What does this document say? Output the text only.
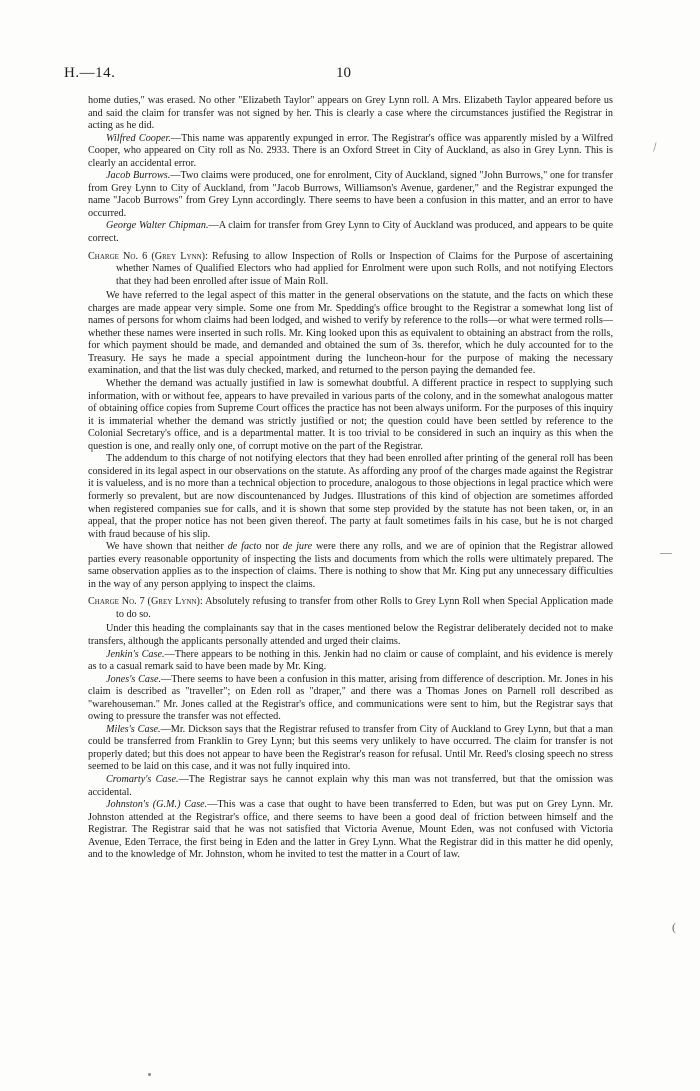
H.—14.	10

home duties," was erased. No other "Elizabeth Taylor" appears on Grey Lynn roll. A Mrs. Elizabeth Taylor appeared before us and said the claim for transfer was not signed by her. This is clearly a case where the circumstances justified the Registrar in acting as he did.

Wilfred Cooper.—This name was apparently expunged in error. The Registrar's office was apparently misled by a Wilfred Cooper, who appeared on City roll as No. 2933. There is an Oxford Street in City of Auckland, as also in Grey Lynn. This is clearly an accidental error.

Jacob Burrows.—Two claims were produced, one for enrolment, City of Auckland, signed "John Burrows," one for transfer from Grey Lynn to City of Auckland, from "Jacob Burrows, Williamson's Avenue, gardener," and the Registrar expunged the name "Jacob Burrows" from Grey Lynn accordingly. There seems to have been a confusion in this matter, and an error to have occurred.

George Walter Chipman.—A claim for transfer from Grey Lynn to City of Auckland was produced, and appears to be quite correct.

Charge No. 6 (Grey Lynn): Refusing to allow Inspection of Rolls or Inspection of Claims for the Purpose of ascertaining whether Names of Qualified Electors who had applied for Enrolment were upon such Rolls, and not notifying Electors that they had been enrolled after issue of Main Roll.

We have referred to the legal aspect of this matter in the general observations on the statute, and the facts on which these charges are made appear very simple. Some one from Mr. Spedding's office brought to the Registrar a somewhat long list of names of persons for whom claims had been lodged, and wished to verify by reference to the rolls—or what were termed rolls—whether these names were inserted in such rolls. Mr. King looked upon this as equivalent to obtaining an abstract from the rolls, for which payment should be made, and demanded and obtained the sum of 3s. therefor, which he duly accounted for to the Treasury. He says he made a special appointment during the luncheon-hour for the purpose of making the necessary examination, and that the list was duly checked, marked, and returned to the person paying the demanded fee.

Whether the demand was actually justified in law is somewhat doubtful. A different practice in respect to supplying such information, with or without fee, appears to have prevailed in various parts of the colony, and in the somewhat analogous matter of obtaining office copies from Supreme Court offices the practice has not been always uniform. For the purposes of this inquiry it is immaterial whether the demand was strictly justified or not; the question could have been settled by reference to the Colonial Secretary's office, and is a departmental matter. It is too trivial to be considered in such an inquiry as this when the question is one, and really only one, of corrupt motive on the part of the Registrar.

The addendum to this charge of not notifying electors that they had been enrolled after printing of the general roll has been considered in its legal aspect in our observations on the statute. As affording any proof of the charges made against the Registrar it is valueless, and is no more than a technical objection to procedure, analogous to those objections in legal practice which were formerly so prevalent, but are now discountenanced by Judges. Illustrations of this kind of objection are sometimes afforded when registered companies sue for calls, and it is shown that some step provided by the statute has not been taken, or, in an appeal, that the proper notice has not been given thereof. The party at fault sometimes fails in his case, but he is not charged with fraud because of his slip.

We have shown that neither de facto nor de jure were there any rolls, and we are of opinion that the Registrar allowed parties every reasonable opportunity of inspecting the lists and documents from which the rolls were ultimately prepared. The same observation applies as to the inspection of claims. There is nothing to show that Mr. King put any unnecessary difficulties in the way of any person applying to inspect the claims.

Charge No. 7 (Grey Lynn): Absolutely refusing to transfer from other Rolls to Grey Lynn Roll when Special Application made to do so.

Under this heading the complainants say that in the cases mentioned below the Registrar deliberately decided not to make transfers, although the applicants personally attended and urged their claims.

Jenkin's Case.—There appears to be nothing in this. Jenkin had no claim or cause of complaint, and his evidence is merely as to a casual remark said to have been made by Mr. King.

Jones's Case.—There seems to have been a confusion in this matter, arising from difference of description. Mr. Jones in his claim is described as "traveller"; on Eden roll as "draper," and there was a Thomas Jones on Parnell roll described as "warehouseman." Mr. Jones called at the Registrar's office, and communications were sent to him, but the Registrar says that owing to pressure the transfer was not effected.

Miles's Case.—Mr. Dickson says that the Registrar refused to transfer from City of Auckland to Grey Lynn, but that a man could be transferred from Franklin to Grey Lynn; but this seems very unlikely to have occurred. The claim for transfer is not properly dated; but this does not appear to have been the Registrar's reason for refusal. Until Mr. Reed's closing speech no stress seemed to be laid on this case, and it was not fully inquired into.

Cromarty's Case.—The Registrar says he cannot explain why this man was not transferred, but that the omission was accidental.

Johnston's (G.M.) Case.—This was a case that ought to have been transferred to Eden, but was put on Grey Lynn. Mr. Johnston attended at the Registrar's office, and there seems to have been a good deal of friction between himself and the Registrar. The Registrar said that he was not satisfied that Victoria Avenue, Mount Eden, was not confused with Victoria Avenue, Eden Terrace, the first being in Eden and the latter in Grey Lynn. What the Registrar did in this matter he did openly, and to the knowledge of Mr. Johnston, whom he invited to test the matter in a Court of law.

⁄
—
(
